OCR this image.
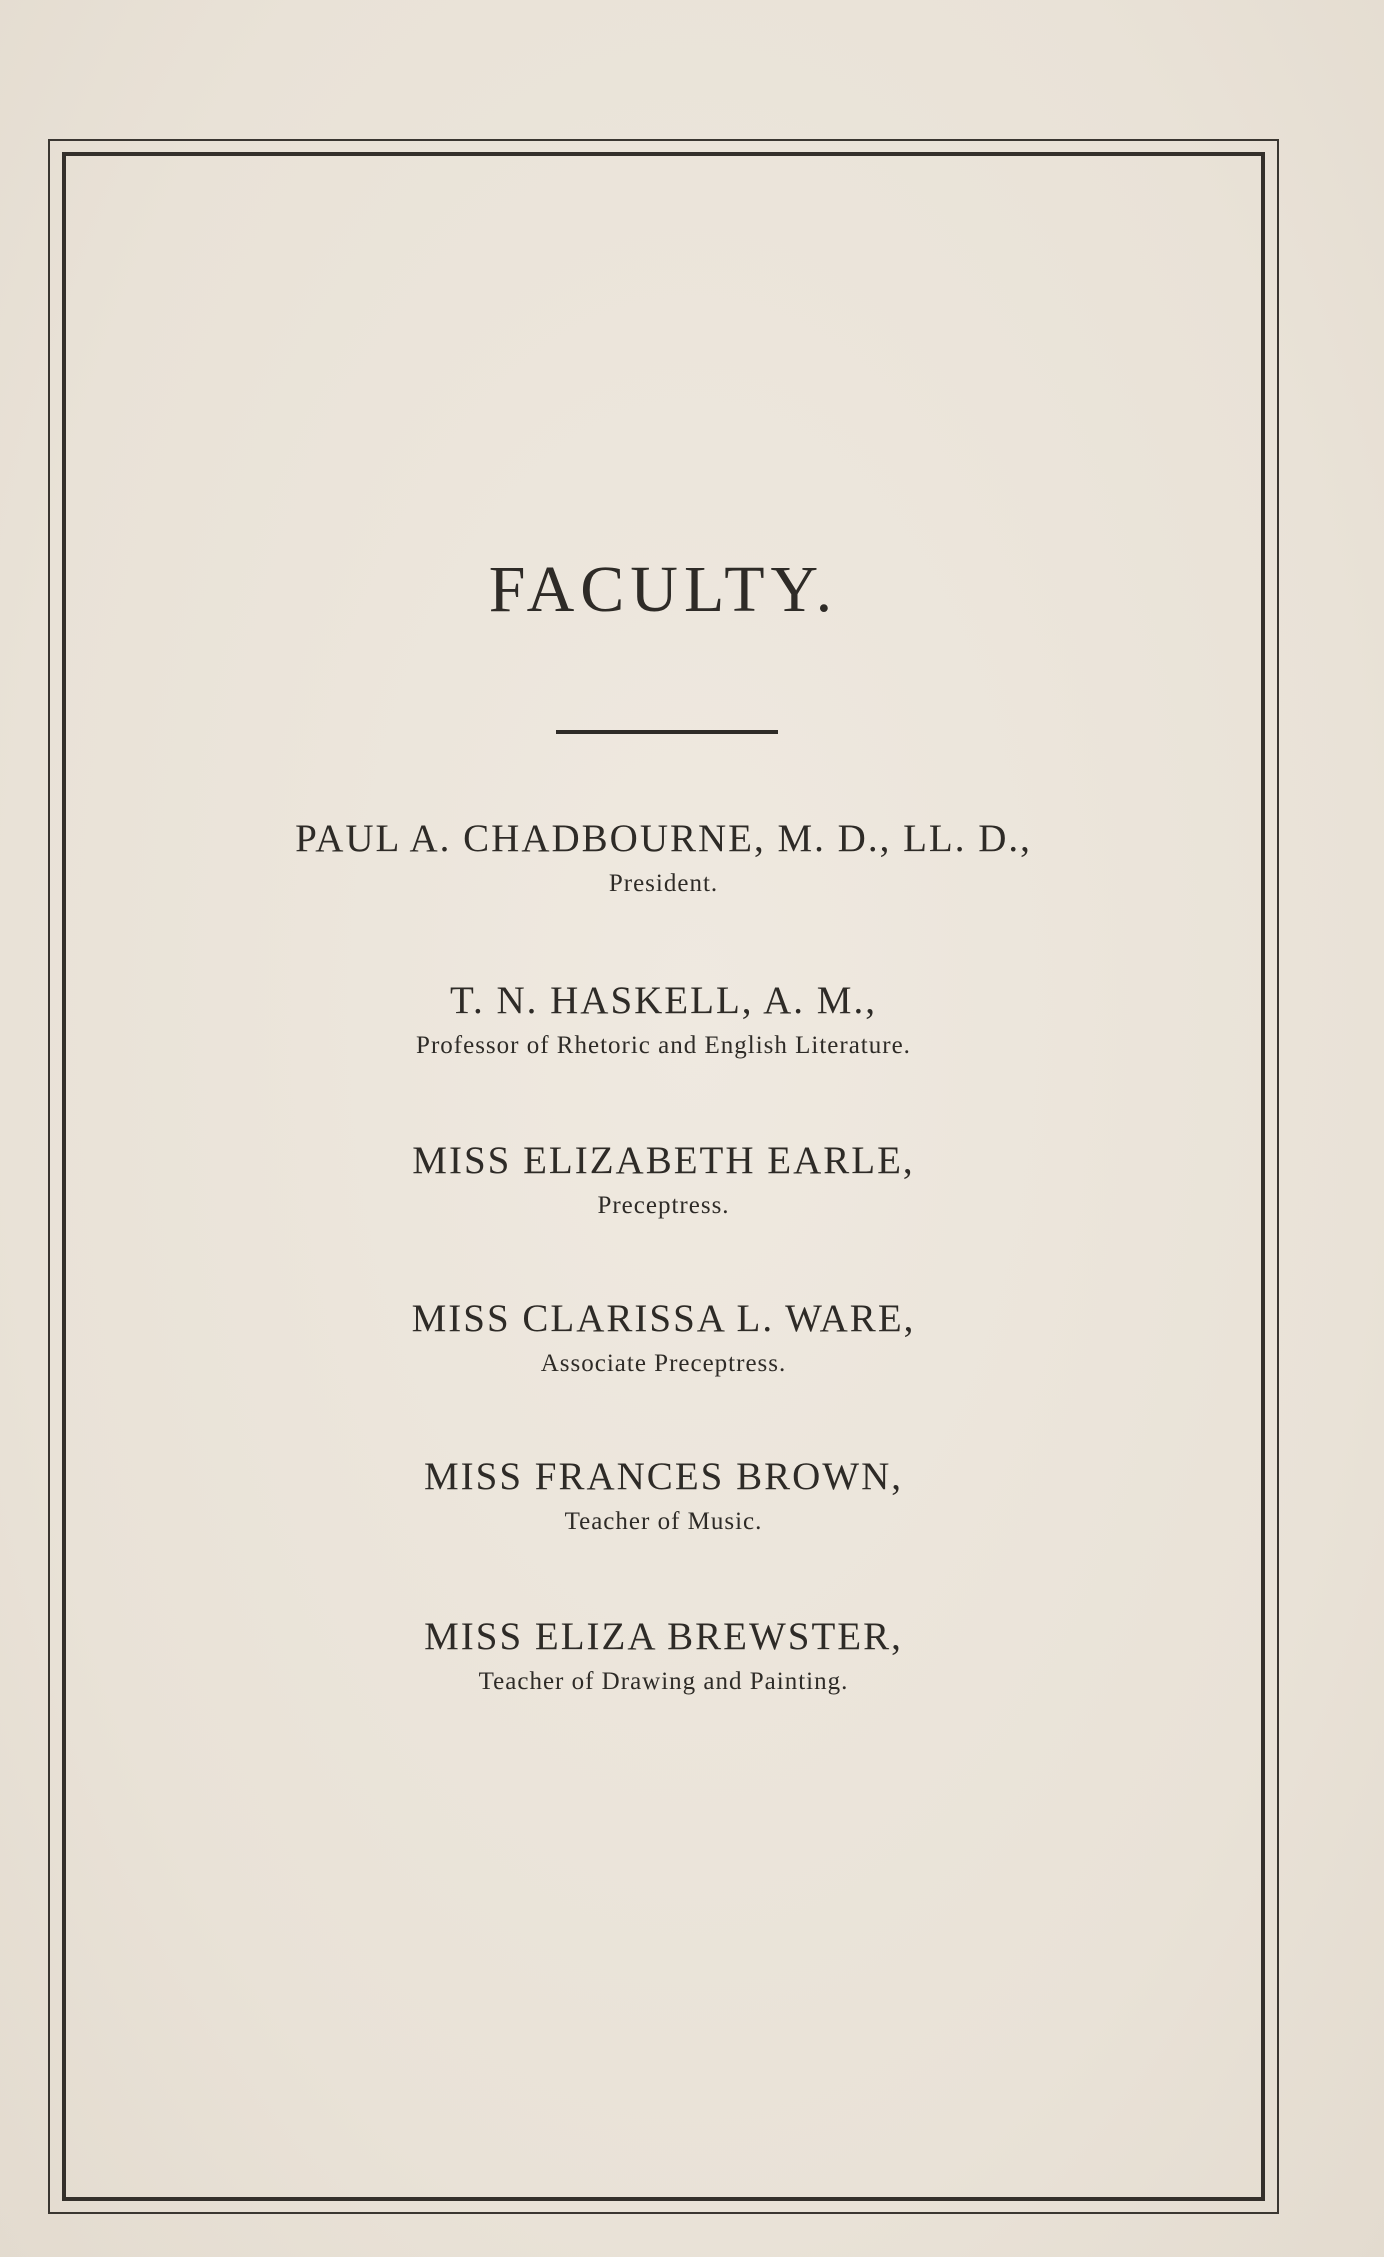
FACULTY.
PAUL A. CHADBOURNE, M. D., LL. D.,
President.
T. N. HASKELL, A. M.,
Professor of Rhetoric and English Literature.
MISS ELIZABETH EARLE,
Preceptress.
MISS CLARISSA L. WARE,
Associate Preceptress.
MISS FRANCES BROWN,
Teacher of Music.
MISS ELIZA BREWSTER,
Teacher of Drawing and Painting.
